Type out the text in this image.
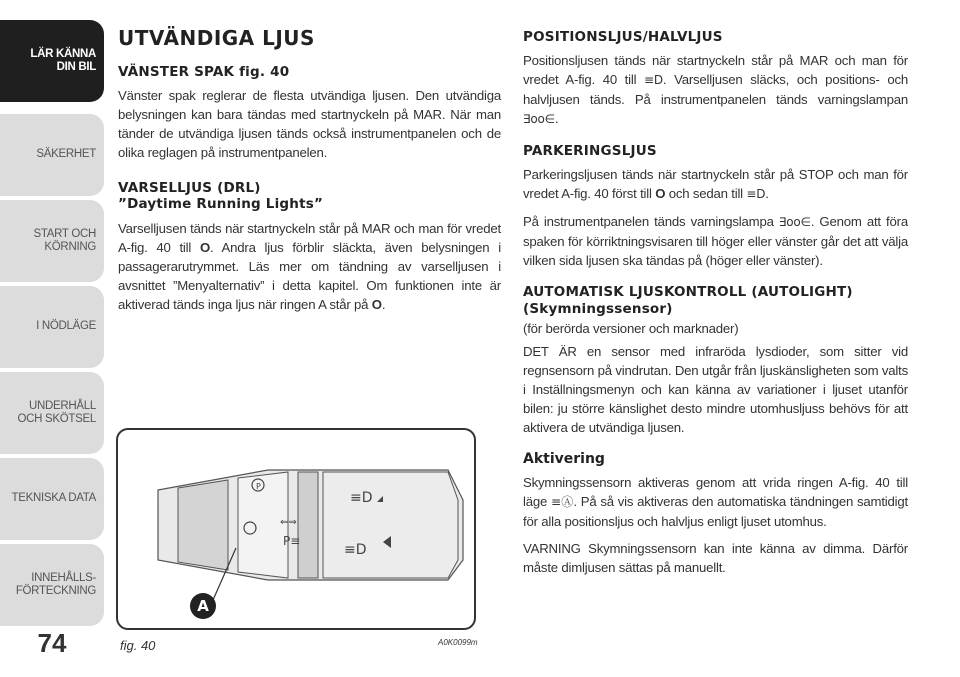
LÄR KÄNNA
DIN BIL
SÄKERHET
START OCH
KÖRNING
I NÖDLÄGE
UNDERHÅLL
OCH SKÖTSEL
TEKNISKA DATA
INNEHÅLLS-
FÖRTECKNING
74
UTVÄNDIGA LJUS
VÄNSTER SPAK fig. 40

Vänster spak reglerar de flesta utvändiga ljusen. Den utvändiga belysningen kan bara tändas med startnyckeln på MAR. När man tänder de utvändiga ljusen tänds också instrumentpanelen och de olika reglagen på instrumentpanelen.

VARSELLJUS (DRL)
”Daytime Running Lights”

Varselljusen tänds när startnyckeln står på MAR och man för vredet A-fig. 40 till O. Andra ljus förblir släckta, även belysningen i passagerarutrymmet. Läs mer om tändning av varselljusen i avsnittet ”Menyalternativ” i detta kapitel. Om funktionen inte är aktiverad tänds inga ljus när ringen A står på O.

P
⇐⇒
P≡
≡D
≡D
A
fig. 40	A0K0099m
POSITIONSLJUS/HALVLJUS

Positionsljusen tänds när startnyckeln står på MAR och man för vredet A-fig. 40 till ≡D. Varselljusen släcks, och positions- och halvljusen tänds. På instrumentpanelen tänds varningslampan ∃oo∈.

PARKERINGSLJUS

Parkeringsljusen tänds när startnyckeln står på STOP och man för vredet A-fig. 40 först till O och sedan till ≡D.

På instrumentpanelen tänds varningslampa ∃oo∈. Genom att föra spaken för körriktningsvisaren till höger eller vänster går det att välja vilken sida ljusen ska tändas på (höger eller vänster).

AUTOMATISK LJUSKONTROLL (AUTOLIGHT)
(Skymningssensor)

(för berörda versioner och marknader)

DET ÄR en sensor med infraröda lysdioder, som sitter vid regnsensorn på vindrutan. Den utgår från ljuskänsligheten som valts i Inställningsmenyn och kan känna av variationer i ljuset utanför bilen: ju större känslighet desto mindre utomhusljuss behövs för att aktivera de utvändiga ljusen.

Aktivering

Skymningssensorn aktiveras genom att vrida ringen A-fig. 40 till läge ≡Ⓐ. På så vis aktiveras den automatiska tändningen samtidigt för alla positionsljus och halvljus enligt ljuset utomhus.

VARNING Skymningssensorn kan inte känna av dimma. Därför måste dimljusen sättas på manuellt.
